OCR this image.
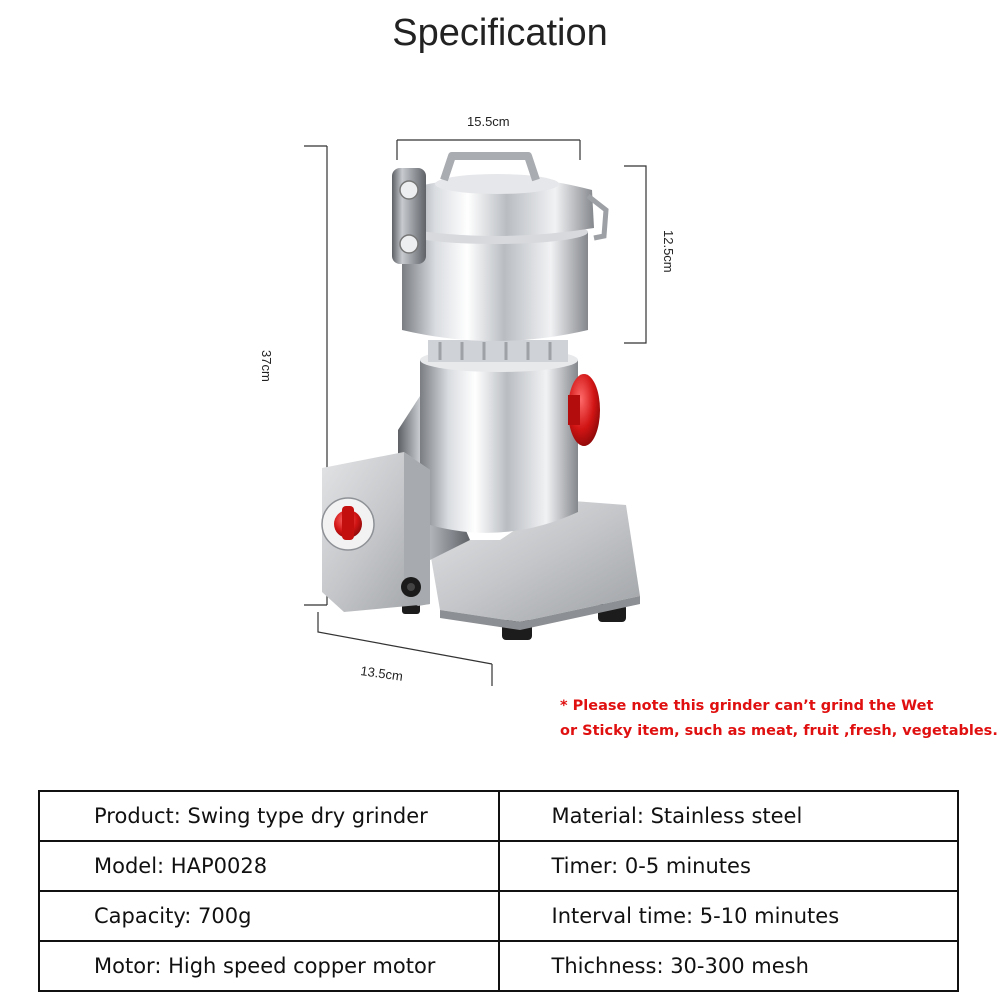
Specification
15.5cm
12.5cm
37cm
13.5cm
* Please note this grinder can’t grind the Wet
or Sticky item, such as meat, fruit ,fresh, vegetables.
Product: Swing type dry grinder	Material: Stainless steel
Model: HAP0028	Timer: 0-5 minutes
Capacity: 700g	Interval time: 5-10 minutes
Motor: High speed copper motor	Thichness: 30-300 mesh
